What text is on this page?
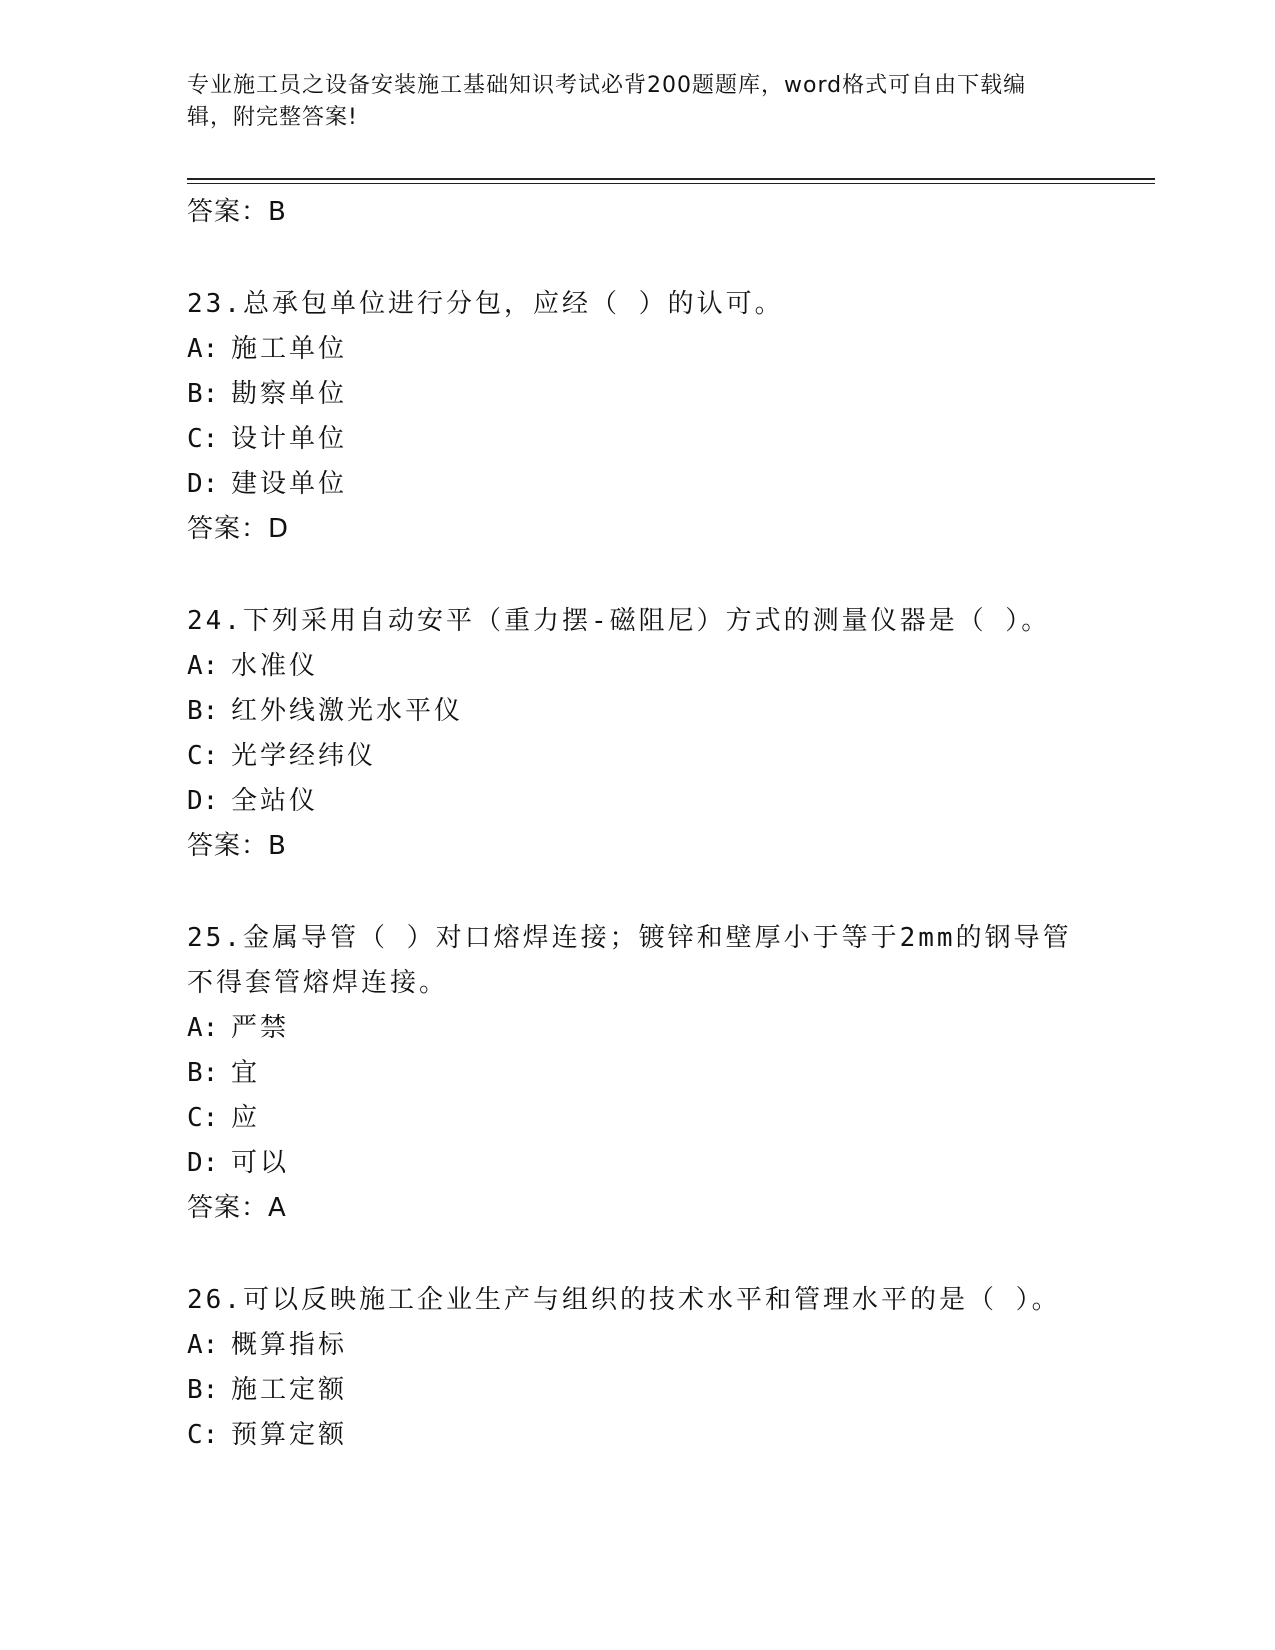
专业施工员之设备安装施工基础知识考试必背200题题库，word格式可自由下载编辑，附完整答案!
答案：B
23.总承包单位进行分包，应经（ ）的认可。
A: 施工单位
B: 勘察单位
C: 设计单位
D: 建设单位
答案：D
24.下列采用自动安平（重力摆-磁阻尼）方式的测量仪器是（ ）。
A: 水准仪
B: 红外线激光水平仪
C: 光学经纬仪
D: 全站仪
答案：B
25.金属导管（ ）对口熔焊连接；镀锌和壁厚小于等于2mm的钢导管不得套管熔焊连接。
A: 严禁
B: 宜
C: 应
D: 可以
答案：A
26.可以反映施工企业生产与组织的技术水平和管理水平的是（ ）。
A: 概算指标
B: 施工定额
C: 预算定额
